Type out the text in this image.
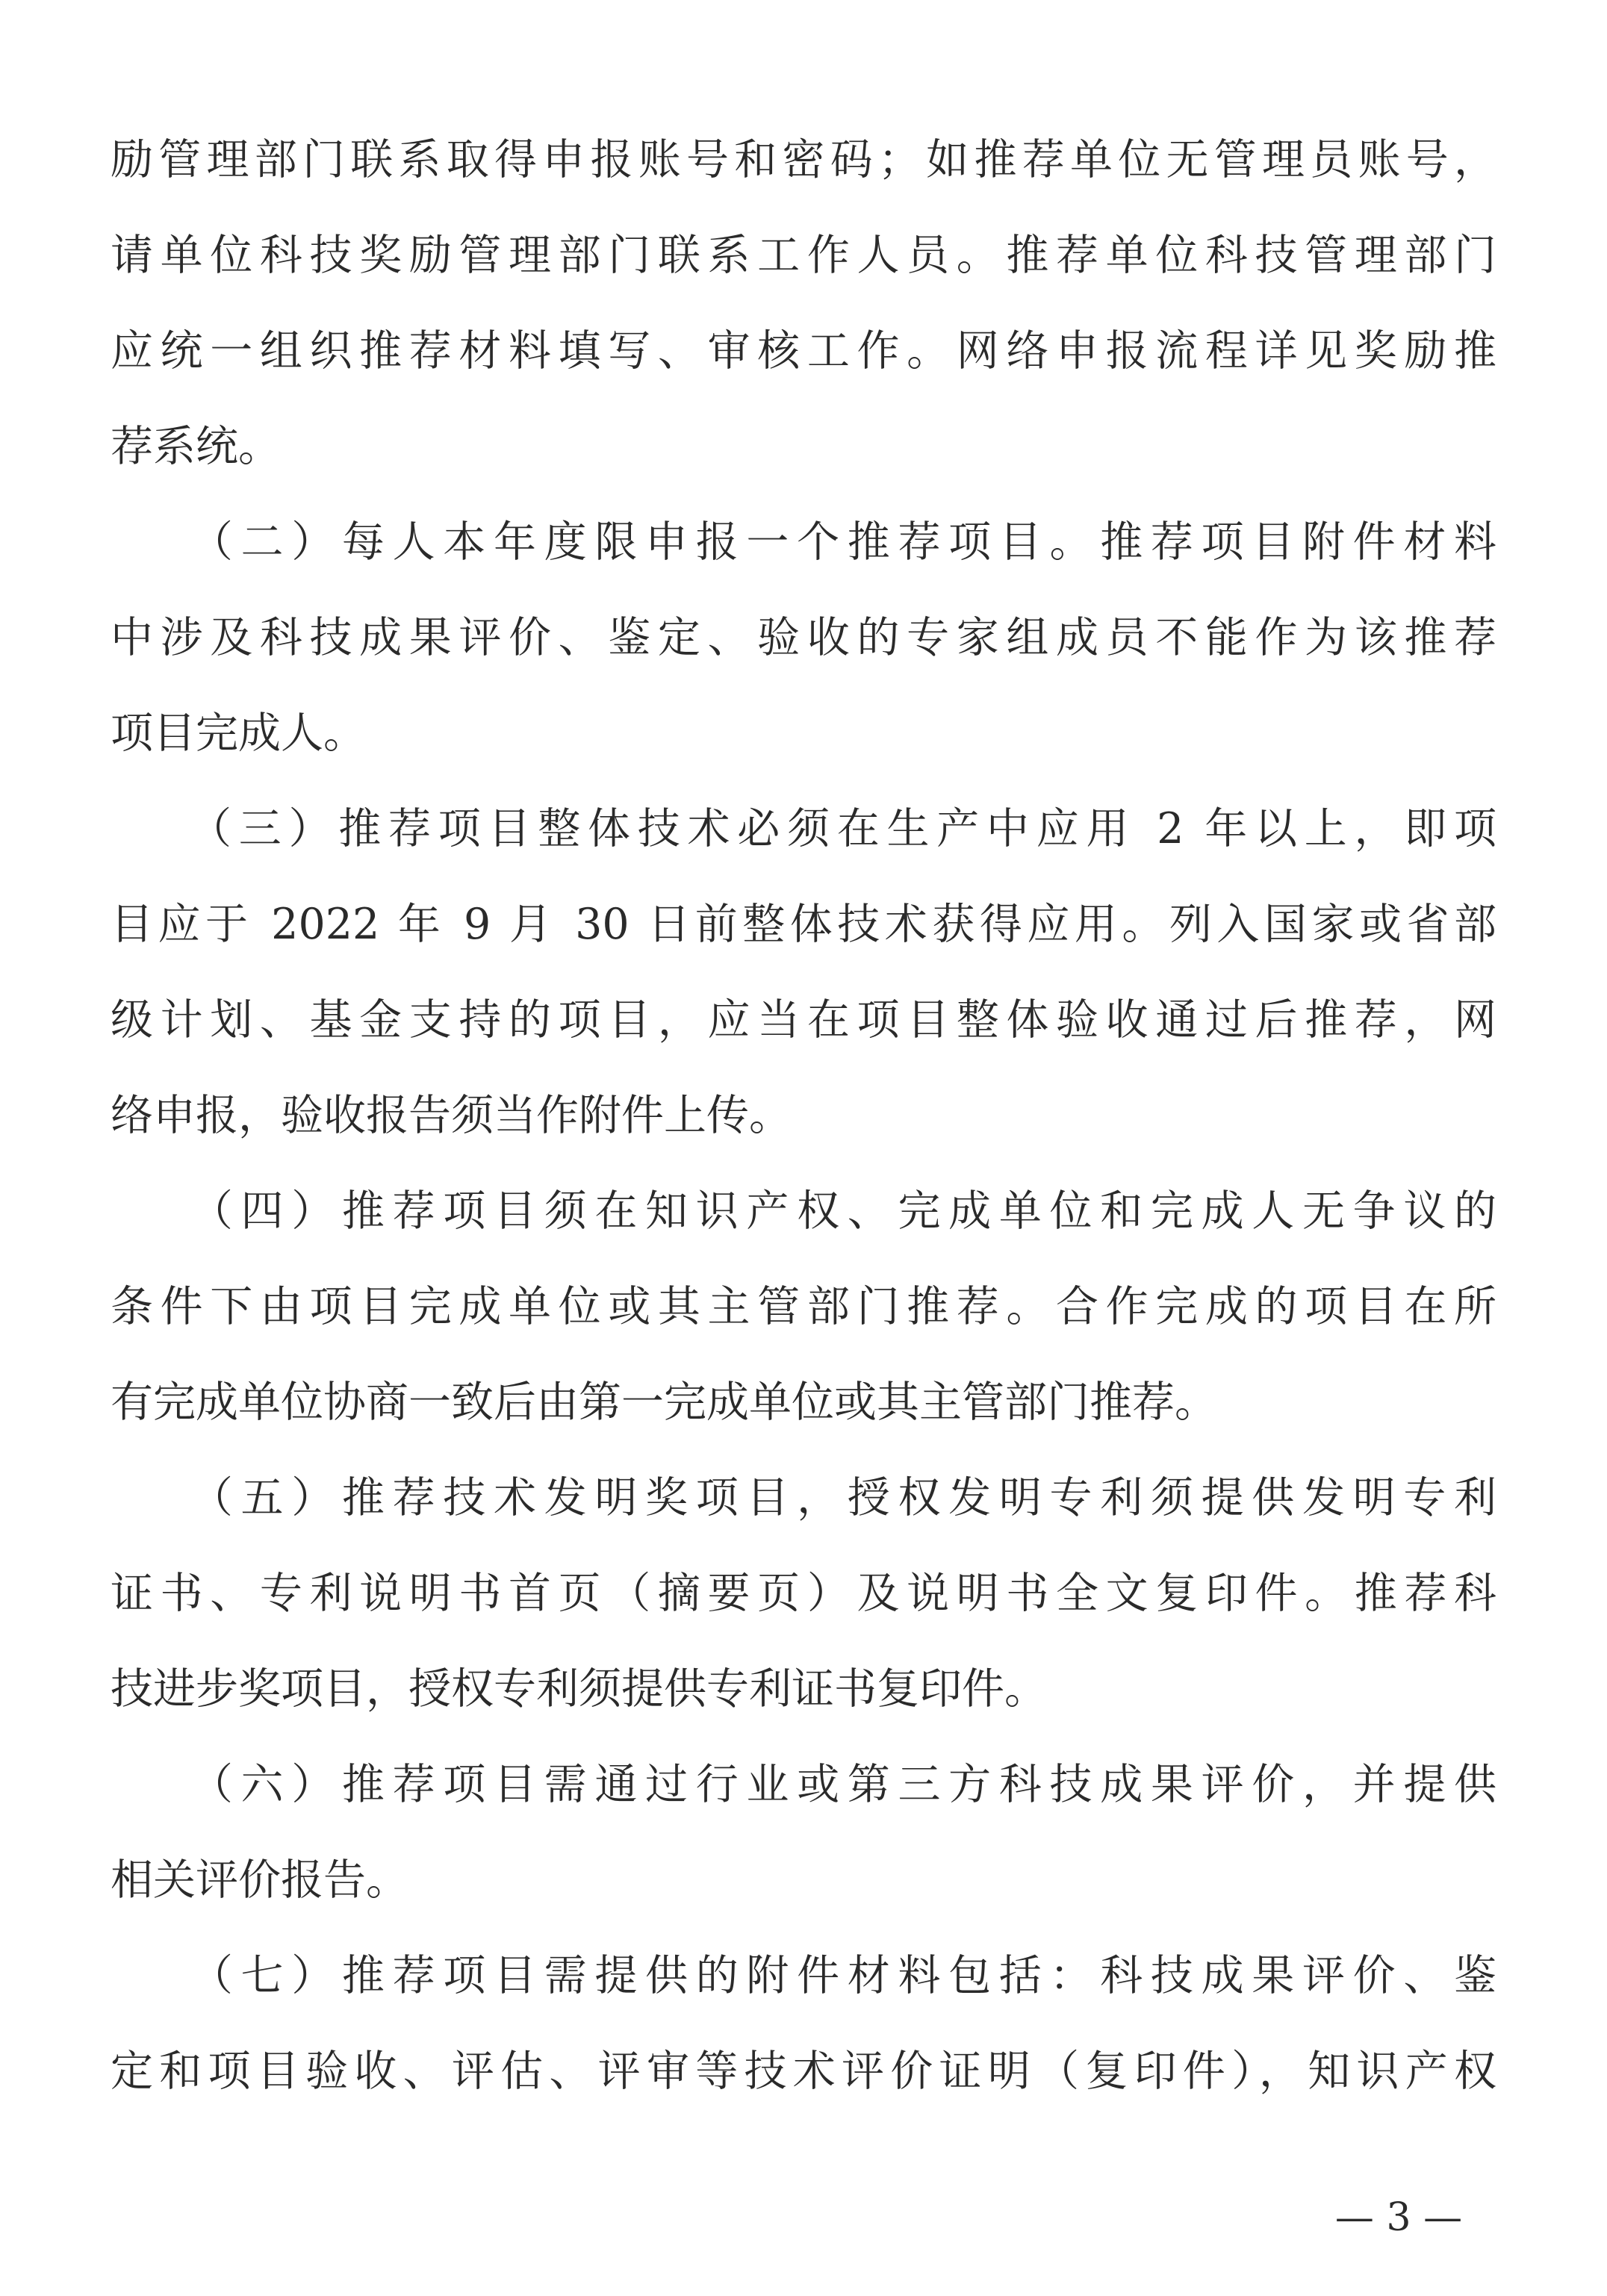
励管理部门联系取得申报账号和密码；如推荐单位无管理员账号，
请单位科技奖励管理部门联系工作人员。推荐单位科技管理部门
应统一组织推荐材料填写、审核工作。网络申报流程详见奖励推
荐系统。
　　（二）每人本年度限申报一个推荐项目。推荐项目附件材料
中涉及科技成果评价、鉴定、验收的专家组成员不能作为该推荐
项目完成人。
　　（三）推荐项目整体技术必须在生产中应用 2 年以上，即项
目应于 2022 年 9 月 30 日前整体技术获得应用。列入国家或省部
级计划、基金支持的项目，应当在项目整体验收通过后推荐，网
络申报，验收报告须当作附件上传。
　　（四）推荐项目须在知识产权、完成单位和完成人无争议的
条件下由项目完成单位或其主管部门推荐。合作完成的项目在所
有完成单位协商一致后由第一完成单位或其主管部门推荐。
　　（五）推荐技术发明奖项目，授权发明专利须提供发明专利
证书、专利说明书首页（摘要页）及说明书全文复印件。推荐科
技进步奖项目，授权专利须提供专利证书复印件。
　　（六）推荐项目需通过行业或第三方科技成果评价，并提供
相关评价报告。
　　（七）推荐项目需提供的附件材料包括：科技成果评价、鉴
定和项目验收、评估、评审等技术评价证明（复印件），知识产权
— 3 —
